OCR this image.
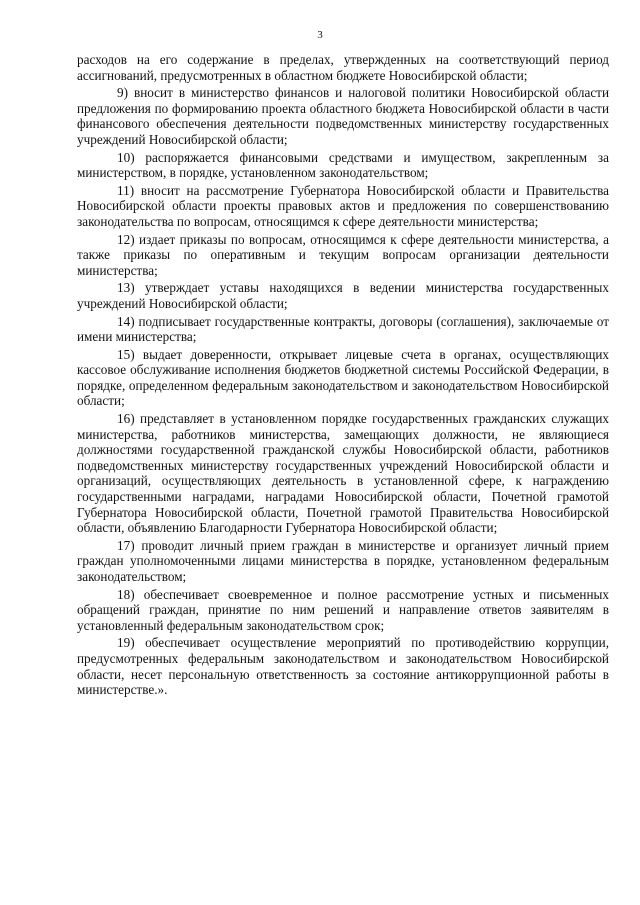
3

расходов на его содержание в пределах, утвержденных на соответствующий период ассигнований, предусмотренных в областном бюджете Новосибирской области;

9) вносит в министерство финансов и налоговой политики Новосибирской области предложения по формированию проекта областного бюджета Новосибирской области в части финансового обеспечения деятельности подведомственных министерству государственных учреждений Новосибирской области;

10) распоряжается финансовыми средствами и имуществом, закрепленным за министерством, в порядке, установленном законодательством;

11) вносит на рассмотрение Губернатора Новосибирской области и Правительства Новосибирской области проекты правовых актов и предложения по совершенствованию законодательства по вопросам, относящимся к сфере деятельности министерства;

12) издает приказы по вопросам, относящимся к сфере деятельности министерства, а также приказы по оперативным и текущим вопросам организации деятельности министерства;

13) утверждает уставы находящихся в ведении министерства государственных учреждений Новосибирской области;

14) подписывает государственные контракты, договоры (соглашения), заключаемые от имени министерства;

15) выдает доверенности, открывает лицевые счета в органах, осуществляющих кассовое обслуживание исполнения бюджетов бюджетной системы Российской Федерации, в порядке, определенном федеральным законодательством и законодательством Новосибирской области;

16) представляет в установленном порядке государственных гражданских служащих министерства, работников министерства, замещающих должности, не являющиеся должностями государственной гражданской службы Новосибирской области, работников подведомственных министерству государственных учреждений Новосибирской области и организаций, осуществляющих деятельность в установленной сфере, к награждению государственными наградами, наградами Новосибирской области, Почетной грамотой Губернатора Новосибирской области, Почетной грамотой Правительства Новосибирской области, объявлению Благодарности Губернатора Новосибирской области;

17) проводит личный прием граждан в министерстве и организует личный прием граждан уполномоченными лицами министерства в порядке, установленном федеральным законодательством;

18) обеспечивает своевременное и полное рассмотрение устных и письменных обращений граждан, принятие по ним решений и направление ответов заявителям в установленный федеральным законодательством срок;

19) обеспечивает осуществление мероприятий по противодействию коррупции, предусмотренных федеральным законодательством и законодательством Новосибирской области, несет персональную ответственность за состояние антикоррупционной работы в министерстве.».
